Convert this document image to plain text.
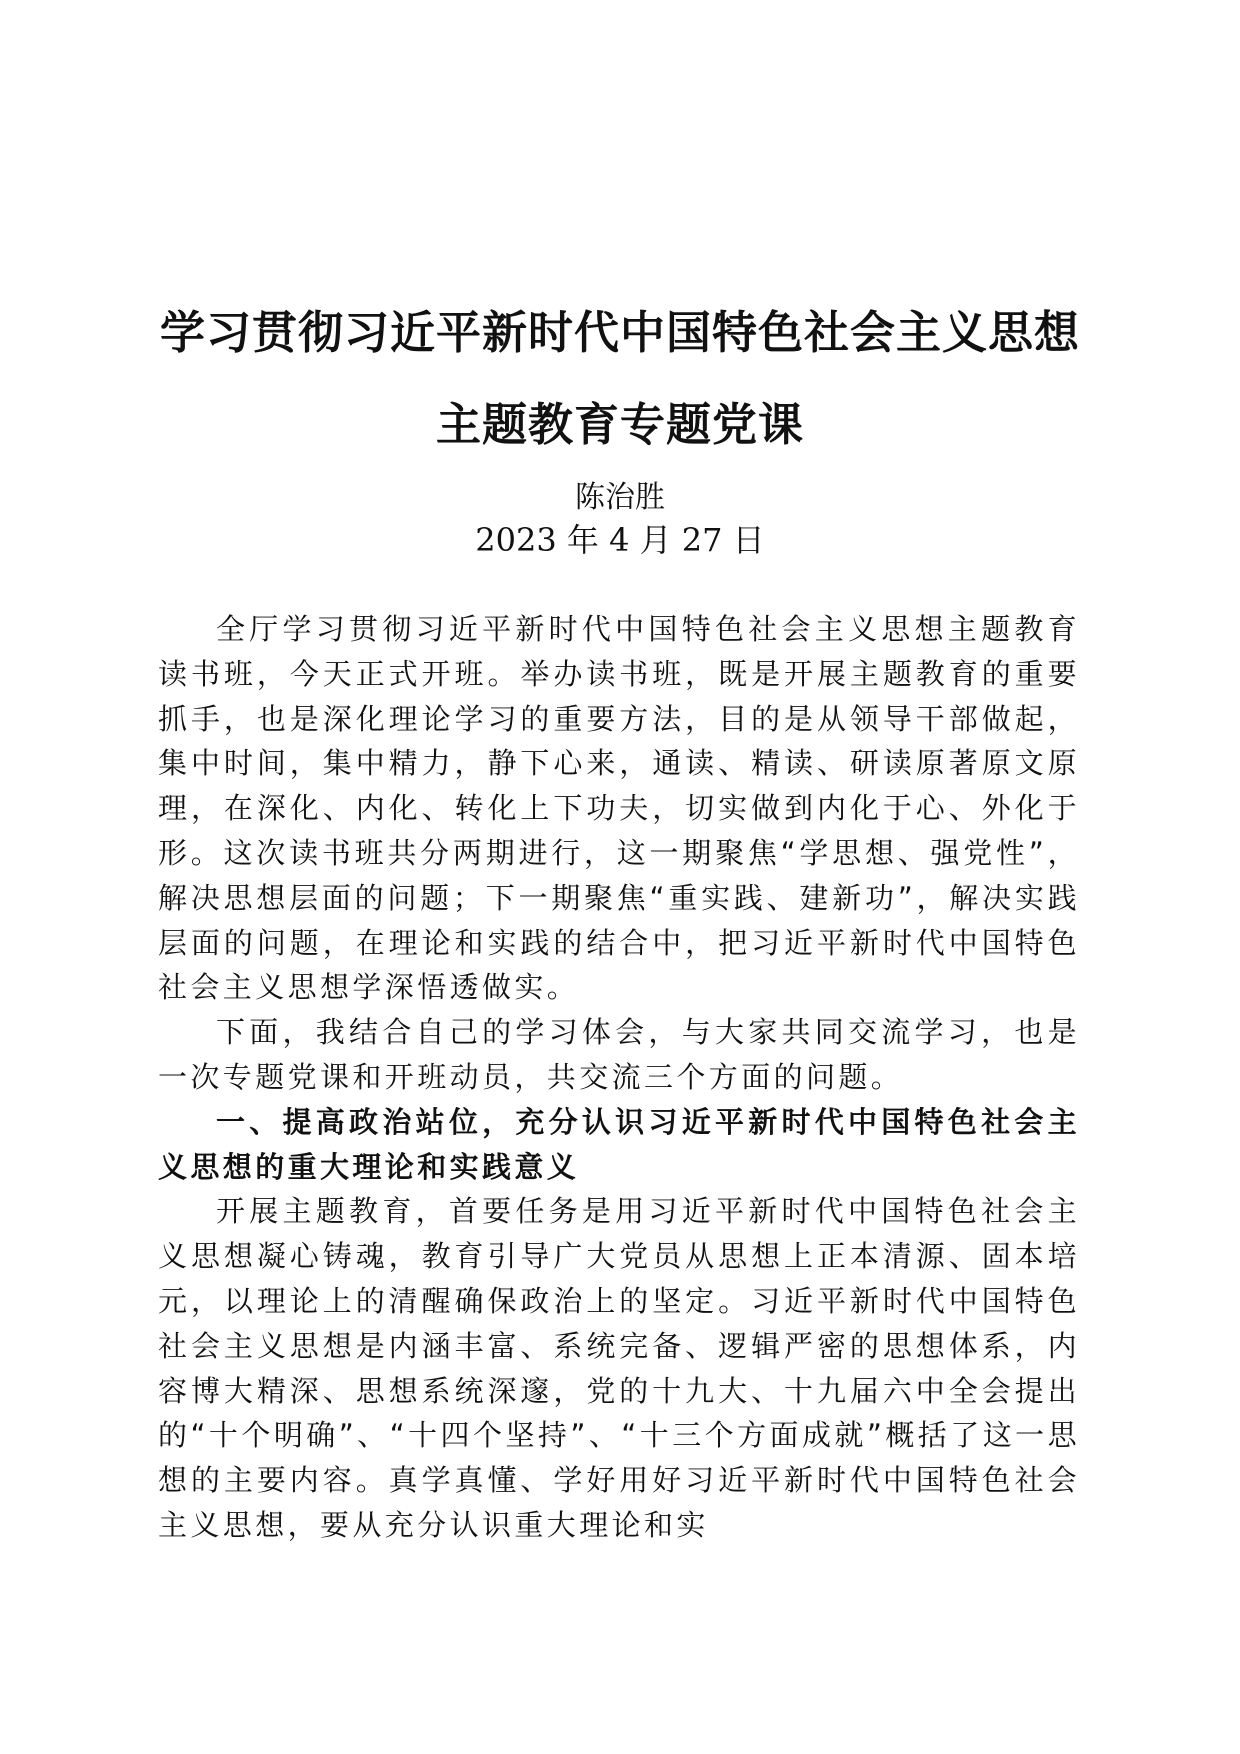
学习贯彻习近平新时代中国特色社会主义思想
主题教育专题党课
陈治胜
2023 年 4 月 27 日

全厅学习贯彻习近平新时代中国特色社会主义思想主题教育读书班，今天正式开班。举办读书班，既是开展主题教育的重要抓手，也是深化理论学习的重要方法，目的是从领导干部做起，集中时间，集中精力，静下心来，通读、精读、研读原著原文原理，在深化、内化、转化上下功夫，切实做到内化于心、外化于形。这次读书班共分两期进行，这一期聚焦“学思想、强党性”，解决思想层面的问题；下一期聚焦“重实践、建新功”，解决实践层面的问题，在理论和实践的结合中，把习近平新时代中国特色社会主义思想学深悟透做实。

下面，我结合自己的学习体会，与大家共同交流学习，也是一次专题党课和开班动员，共交流三个方面的问题。

一、提高政治站位，充分认识习近平新时代中国特色社会主义思想的重大理论和实践意义

开展主题教育，首要任务是用习近平新时代中国特色社会主义思想凝心铸魂，教育引导广大党员从思想上正本清源、固本培元，以理论上的清醒确保政治上的坚定。习近平新时代中国特色社会主义思想是内涵丰富、系统完备、逻辑严密的思想体系，内容博大精深、思想系统深邃，党的十九大、十九届六中全会提出的“十个明确”、“十四个坚持”、“十三个方面成就”概括了这一思想的主要内容。真学真懂、学好用好习近平新时代中国特色社会主义思想，要从充分认识重大理论和实
